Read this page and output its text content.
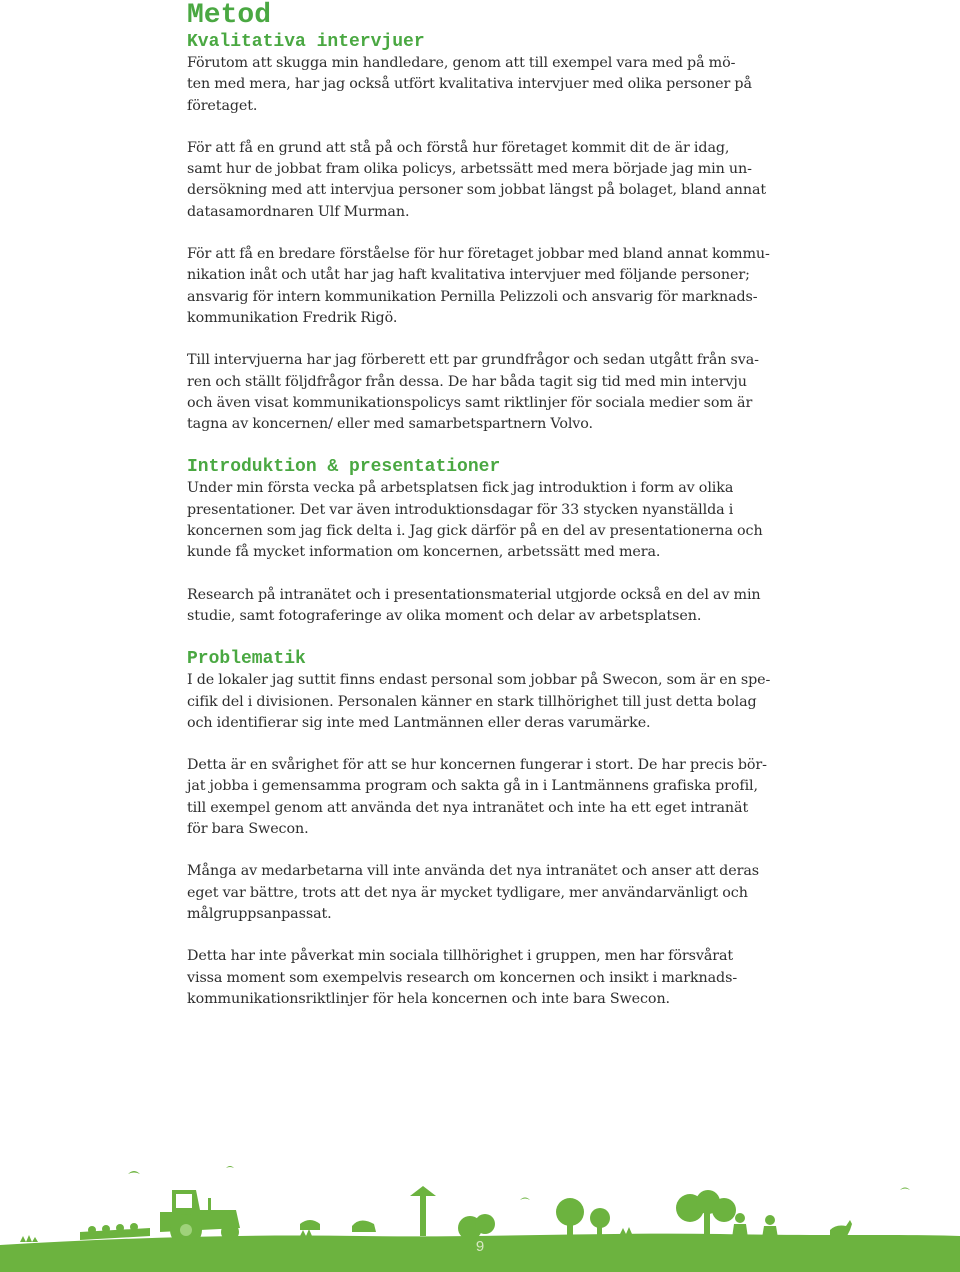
Metod
Kvalitativa intervjuer

Förutom att skugga min handledare, genom att till exempel vara med på mö-
ten med mera, har jag också utfört kvalitativa intervjuer med olika personer på
företaget.

För att få en grund att stå på och förstå hur företaget kommit dit de är idag,
samt hur de jobbat fram olika policys, arbetssätt med mera började jag min un-
dersökning med att intervjua personer som jobbat längst på bolaget, bland annat
datasamordnaren Ulf Murman.

För att få en bredare förståelse för hur företaget jobbar med bland annat kommu-
nikation inåt och utåt har jag haft kvalitativa intervjuer med följande personer;
ansvarig för intern kommunikation Pernilla Pelizzoli och ansvarig för marknads-
kommunikation Fredrik Rigö.

Till intervjuerna har jag förberett ett par grundfrågor och sedan utgått från sva-
ren och ställt följdfrågor från dessa. De har båda tagit sig tid med min intervju
och även visat kommunikationspolicys samt riktlinjer för sociala medier som är
tagna av koncernen/ eller med samarbetspartnern Volvo.

Introduktion & presentationer

Under min första vecka på arbetsplatsen fick jag introduktion i form av olika
presentationer. Det var även introduktionsdagar för 33 stycken nyanställda i
koncernen som jag fick delta i. Jag gick därför på en del av presentationerna och
kunde få mycket information om koncernen, arbetssätt med mera.

Research på intranätet och i presentationsmaterial utgjorde också en del av min
studie, samt fotograferinge av olika moment och delar av arbetsplatsen.

Problematik

I de lokaler jag suttit finns endast personal som jobbar på Swecon, som är en spe-
cifik del i divisionen. Personalen känner en stark tillhörighet till just detta bolag
och identifierar sig inte med Lantmännen eller deras varumärke.

Detta är en svårighet för att se hur koncernen fungerar i stort. De har precis bör-
jat jobba i gemensamma program och sakta gå in i Lantmännens grafiska profil,
till exempel genom att använda det nya intranätet och inte ha ett eget intranät
för bara Swecon.

Många av medarbetarna vill inte använda det nya intranätet och anser att deras
eget var bättre, trots att det nya är mycket tydligare, mer användarvänligt och
målgruppsanpassat.

Detta har inte påverkat min sociala tillhörighet i gruppen, men har försvårat
vissa moment som exempelvis research om koncernen och insikt i marknads-
kommunikationsriktlinjer för hela koncernen och inte bara Swecon.

9
